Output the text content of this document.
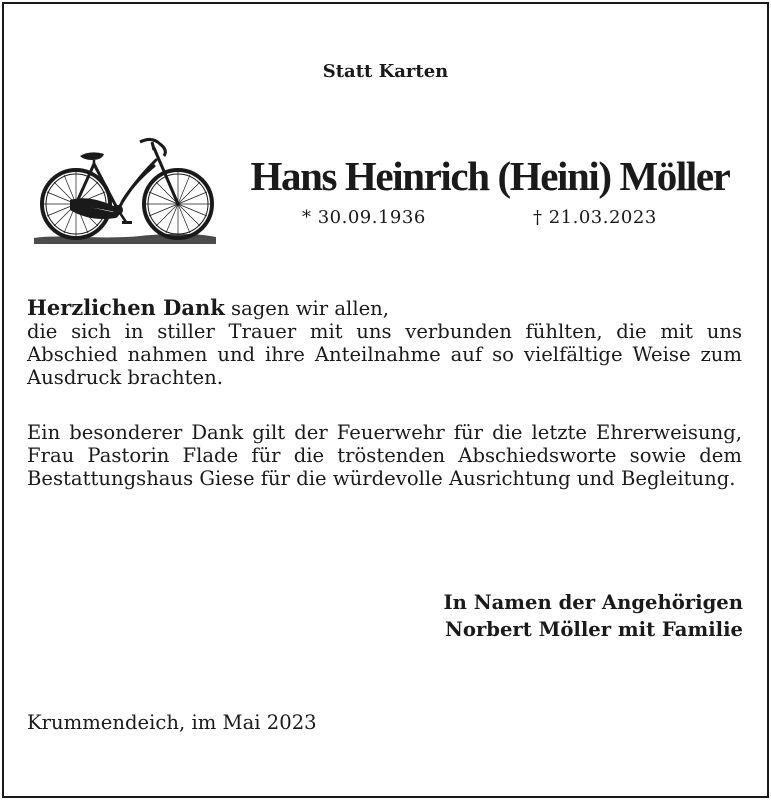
Statt Karten
Hans Heinrich (Heini) Möller
* 30.09.1936	† 21.03.2023
Herzlichen Dank sagen wir allen,
die sich in stiller Trauer mit uns verbunden fühlten, die mit uns Abschied nahmen und ihre Anteilnahme auf so vielfältige Weise zum Ausdruck brachten.
Ein besonderer Dank gilt der Feuerwehr für die letzte Ehrerweisung, Frau Pastorin Flade für die tröstenden Abschiedsworte sowie dem Bestattungshaus Giese für die würdevolle Ausrichtung und Begleitung.
In Namen der Angehörigen
Norbert Möller mit Familie
Krummendeich, im Mai 2023
